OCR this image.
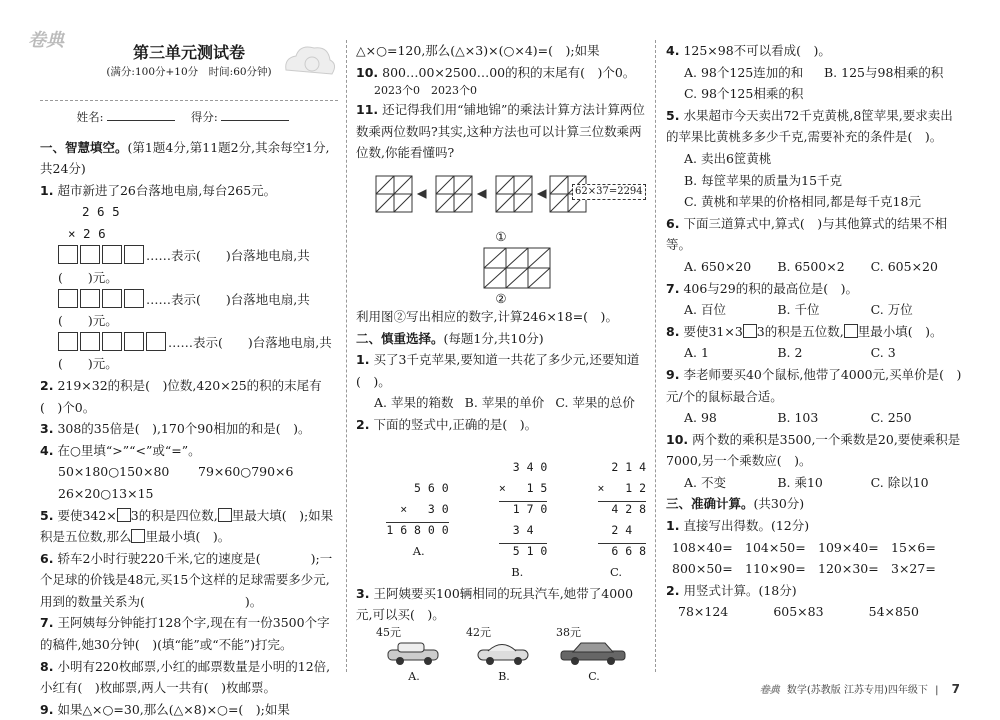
卷典
第三单元测试卷
(满分:100分+10分　时间:60分钟)
姓名:	得分:

一、智慧填空。(第1题4分,第11题2分,其余每空1分,共24分)

1. 超市新进了26台落地电扇,每台265元。

2 6 5
× 2 6
……表示(　　)台落地电扇,共(　　)元。
……表示(　　)台落地电扇,共(　　)元。
……表示(　　)台落地电扇,共(　　)元。

2. 219×32的积是(　)位数,420×25的积的末尾有(　)个0。

3. 308的35倍是(　),170个90相加的和是(　)。

4. 在○里填“>”“<”或“=”。

50×180○150×80	79×60○790×6
26×20○13×15

5. 要使342× 3的积是四位数, 里最大填(　);如果积是五位数,那么 里最小填(　)。

6. 轿车2小时行驶220千米,它的速度是(　　　　);一个足球的价钱是48元,买15个这样的足球需要多少元,用到的数量关系为(　　　　　　　　)。

7. 王阿姨每分钟能打128个字,现在有一份3500个字的稿件,她30分钟(　)(填“能”或“不能”)打完。

8. 小明有220枚邮票,小红的邮票数量是小明的12倍,小红有(　)枚邮票,两人一共有(　)枚邮票。

9. 如果△×○=30,那么(△×8)×○=(　);如果

△×○=120,那么(△×3)×(○×4)=(　);如果

10. 800…00×2500…00的积的末尾有(　)个0。

2023个0　2023个0

11. 还记得我们用“铺地锦”的乘法计算方法计算两位数乘两位数吗?其实,这种方法也可以计算三位数乘两位数,你能看懂吗?

62×37=2294
①
②

利用图②写出相应的数字,计算246×18=(　)。

二、慎重选择。(每题1分,共10分)

1. 买了3千克苹果,要知道一共花了多少元,还要知道(　)。

A. 苹果的箱数 B. 苹果的单价 C. 苹果的总价

2. 下面的竖式中,正确的是(　)。

5 6 0
×   3 0
1 6 8 0 0
A.

3 4 0
×   1 5
1 7 0
3 4
5 1 0
B.

2 1 4
×   1 2
4 2 8
2 4
6 6 8
C.

3. 王阿姨要买100辆相同的玩具汽车,她带了4000元,可以买(　)。

45元
A.
42元
B.
38元
C.

4. 125×98不可以看成(　)。

A. 98个125连加的和	B. 125与98相乘的积
C. 98个125相乘的积

5. 水果超市今天卖出72千克黄桃,8筐苹果,要求卖出的苹果比黄桃多多少千克,需要补充的条件是(　)。

A. 卖出6筐黄桃
B. 每筐苹果的质量为15千克
C. 黄桃和苹果的价格相同,都是每千克18元

6. 下面三道算式中,算式(　)与其他算式的结果不相等。

A. 650×20	B. 6500×2	C. 605×20

7. 406与29的积的最高位是(　)。

A. 百位	B. 千位	C. 万位

8. 要使31×3 3的积是五位数, 里最小填(　)。

A. 1	B. 2	C. 3

9. 李老师要买40个鼠标,他带了4000元,买单价是(　)元/个的鼠标最合适。

A. 98	B. 103	C. 250

10. 两个数的乘积是3500,一个乘数是20,要使乘积是7000,另一个乘数应(　)。

A. 不变	B. 乘10	C. 除以10

三、准确计算。(共30分)

1. 直接写出得数。(12分)

108×40= 104×50= 109×40= 15×6=
800×50= 110×90= 120×30= 3×27=

2. 用竖式计算。(18分)

78×124	605×83	54×850
卷典 数学(苏教版 江苏专用)四年级下 | 7
